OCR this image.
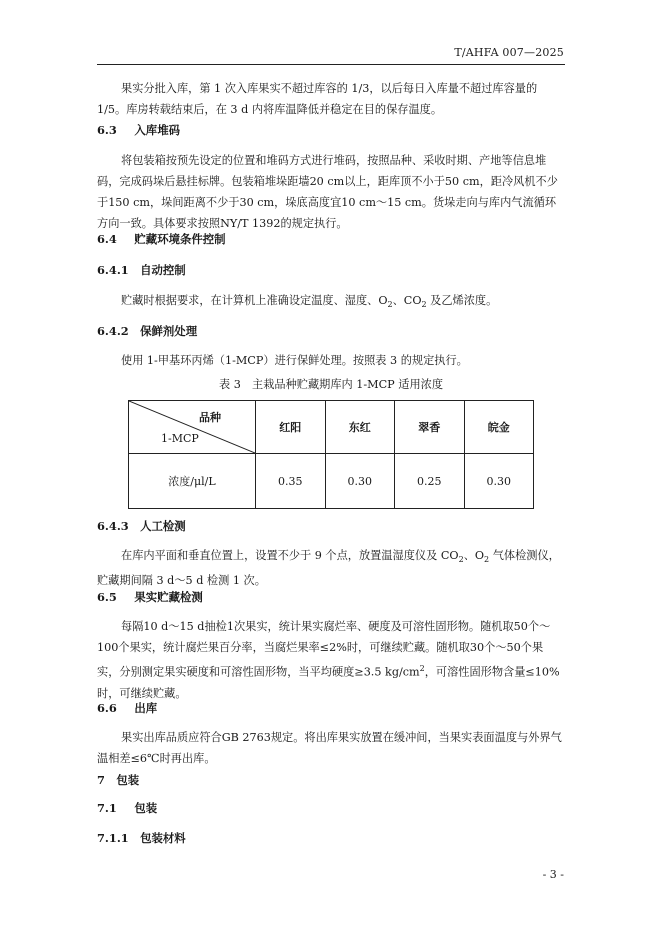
T/AHFA 007—2025
果实分批入库，第 1 次入库果实不超过库容的 1/3，以后每日入库量不超过库容量的 1/5。库房转载结束后，在 3 d 内将库温降低并稳定在目的保存温度。
6.3　 入库堆码
将包装箱按预先设定的位置和堆码方式进行堆码，按照品种、采收时期、产地等信息堆码，完成码垛后悬挂标牌。包装箱堆垛距墙20 cm以上，距库顶不小于50 cm，距冷风机不少于150 cm，垛间距离不少于30 cm，垛底高度宜10 cm～15 cm。货垛走向与库内气流循环方向一致。具体要求按照NY/T 1392的规定执行。
6.4　 贮藏环境条件控制
6.4.1　 自动控制
贮藏时根据要求，在计算机上准确设定温度、湿度、$O_2$、$CO_2$ 及乙烯浓度。
6.4.2　 保鲜剂处理
使用 1-甲基环丙烯（1-MCP）进行保鲜处理。按照表 3 的规定执行。
表 3　主栽品种贮藏期库内 1-MCP 适用浓度
品种
1-MCP	红阳	东红	翠香	皖金
浓度/μl/L	0.35	0.30	0.25	0.30
6.4.3　 人工检测
在库内平面和垂直位置上，设置不少于 9 个点，放置温湿度仪及 $CO_2$、$O_2$ 气体检测仪，贮藏期间隔 3 d～5 d 检测 1 次。
6.5　 果实贮藏检测
每隔10 d～15 d抽检1次果实，统计果实腐烂率、硬度及可溶性固形物。随机取50个～100个果实，统计腐烂果百分率，当腐烂果率≤2%时，可继续贮藏。随机取30个～50个果实，分别测定果实硬度和可溶性固形物，当平均硬度≥3.5 $kg/cm^2$，可溶性固形物含量≤10%时，可继续贮藏。
6.6　 出库
果实出库品质应符合GB 2763规定。将出库果实放置在缓冲间，当果实表面温度与外界气温相差≤6℃时再出库。
7　 包装
7.1　 包装
7.1.1　 包装材料
- 3 -
